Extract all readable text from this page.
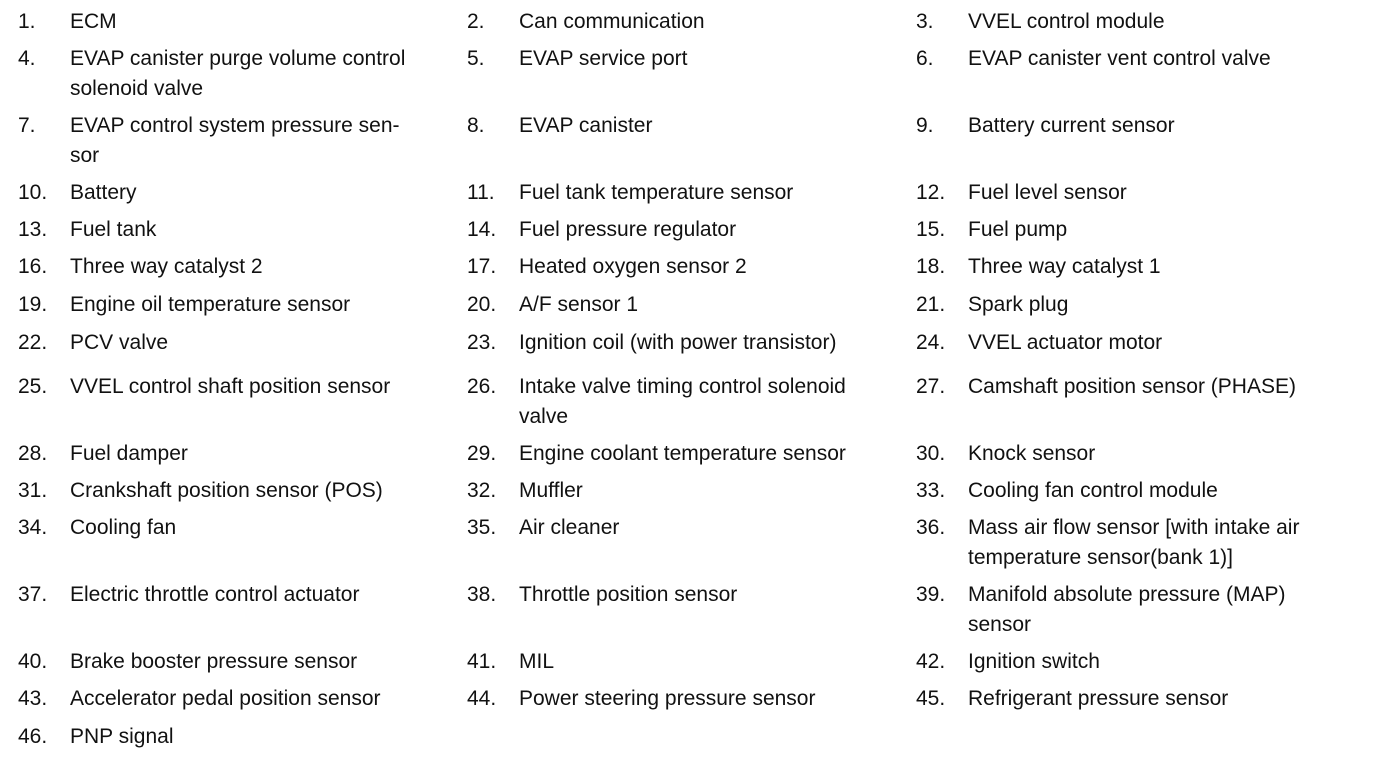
1. ECM	2. Can communication	3. VVEL control module
4. EVAP canister purge volume control
solenoid valve
5. EVAP service port	6. EVAP canister vent control valve
7. EVAP control system pressure sen-
sor
8. EVAP canister	9. Battery current sensor
10. Battery	11. Fuel tank temperature sensor	12. Fuel level sensor
13. Fuel tank	14. Fuel pressure regulator	15. Fuel pump
16. Three way catalyst 2	17. Heated oxygen sensor 2	18. Three way catalyst 1
19. Engine oil temperature sensor	20. A/F sensor 1	21. Spark plug
22. PCV valve	23. Ignition coil (with power transistor)	24. VVEL actuator motor
25. VVEL control shaft position sensor	26. Intake valve timing control solenoid
valve
27. Camshaft position sensor (PHASE)
28. Fuel damper	29. Engine coolant temperature sensor	30. Knock sensor
31. Crankshaft position sensor (POS)	32. Muffler	33. Cooling fan control module
34. Cooling fan	35. Air cleaner	36. Mass air flow sensor [with intake air
temperature sensor(bank 1)]
37. Electric throttle control actuator	38. Throttle position sensor	39. Manifold absolute pressure (MAP)
sensor
40. Brake booster pressure sensor	41. MIL	42. Ignition switch
43. Accelerator pedal position sensor	44. Power steering pressure sensor	45. Refrigerant pressure sensor
46. PNP signal
